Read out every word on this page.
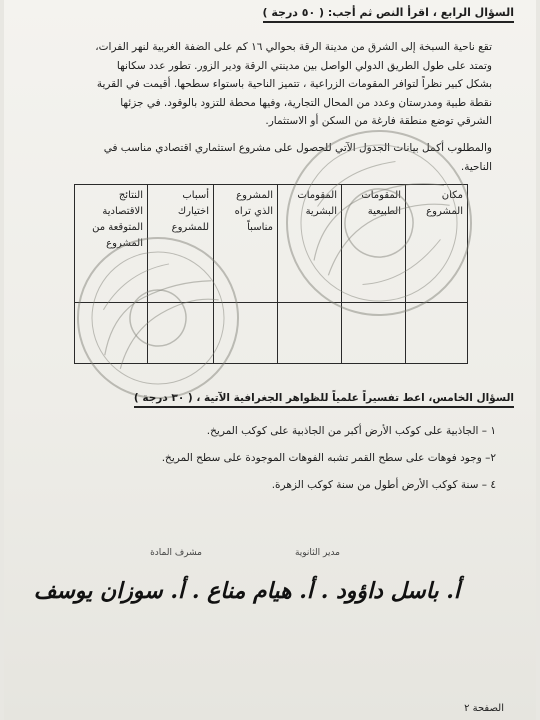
السؤال الرابع ، اقرأ النص ثم أجب: ( ٥٠ درجة )

تقع ناحية السبخة إلى الشرق من مدينة الرقة بحوالي ١٦ كم على الضفة الغربية لنهر الفرات،

وتمتد على طول الطريق الدولي الواصل بين مدينتي الرقة ودير الزور. تطور عدد سكانها

بشكل كبير نظراً لتوافر المقومات الزراعية ، تتميز الناحية باستواء سطحها. أقيمت في القرية

نقطة طبية ومدرستان وعدد من المحال التجارية، وفيها محطة للتزود بالوقود. في جزئها

الشرقي توضع منطقة فارغة من السكن أو الاستثمار.

والمطلوب أكمل بيانات الجدول الآتي للحصول على مشروع استثماري اقتصادي مناسب في

الناحية.

مكان المشروع	المقومات الطبيعية	المقومات البشرية	المشروع الذي تراه مناسباً	أسباب اختيارك للمشروع	النتائج الاقتصادية المتوقعة من المشروع

السؤال الخامس، اعط تفسيراً علمياً للظواهر الجغرافية الآتية ، ( ٣٠ درجة )
١ – الجاذبية على كوكب الأرض أكبر من الجاذبية على كوكب المريخ.
٢– وجود فوهات على سطح القمر تشبه الفوهات الموجودة على سطح المريخ.
٤ – سنة كوكب الأرض أطول من سنة كوكب الزهرة.
مدير الثانوية
مشرف المادة

أ. باسل داؤود . أ. هيام مناع . أ. سوزان يوسف

الصفحة ٢
